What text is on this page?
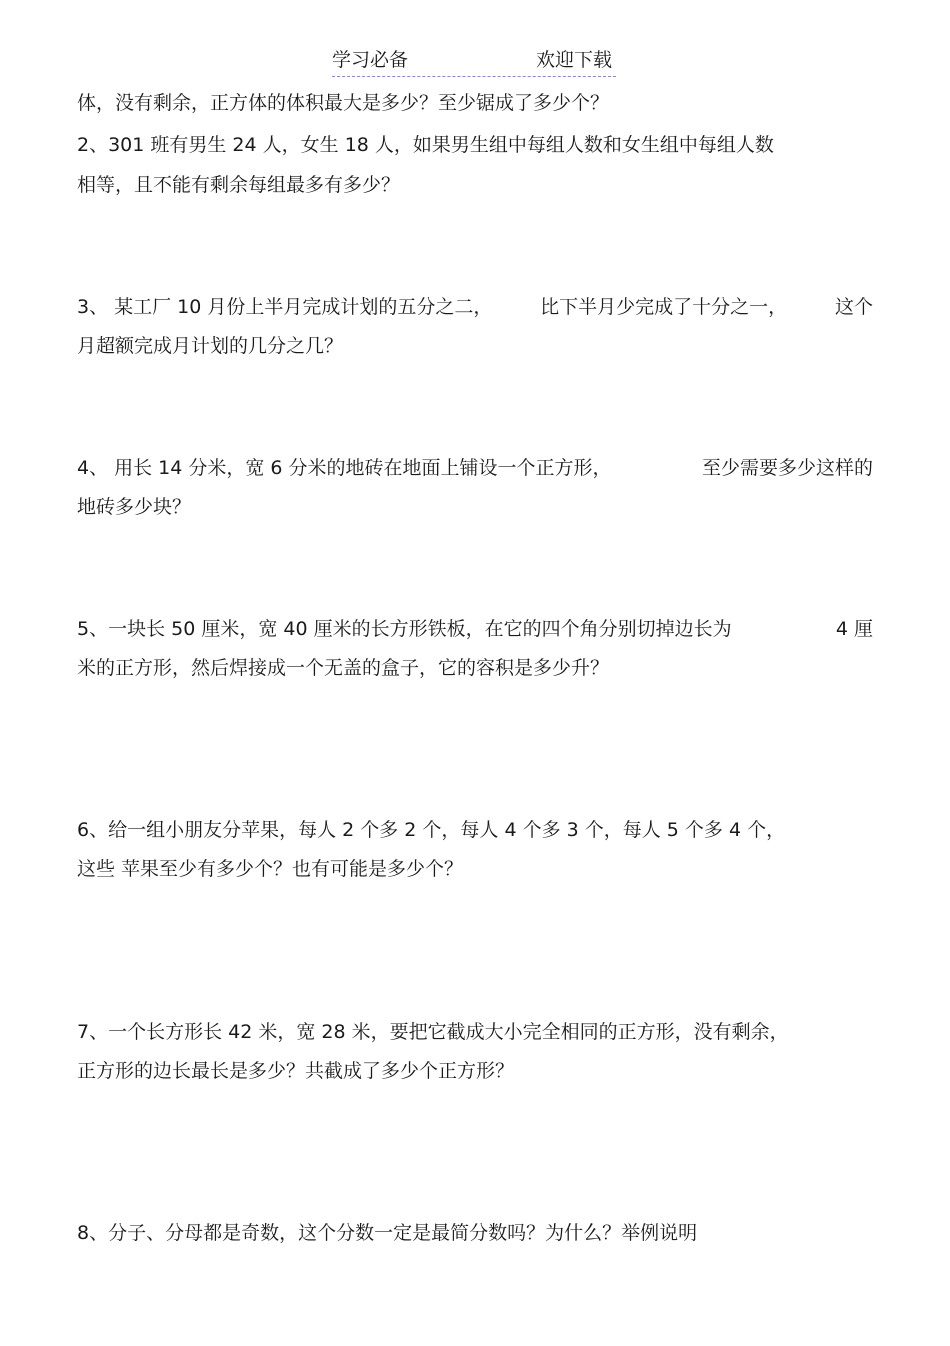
学习必备	欢迎下载
体，没有剩余，正方体的体积最大是多少？至少锯成了多少个？
2、301 班有男生 24 人，女生 18 人，如果男生组中每组人数和女生组中每组人数
相等，且不能有剩余每组最多有多少？
3、 某工厂 10 月份上半月完成计划的五分之二，	比下半月少完成了十分之一，	这个
月超额完成月计划的几分之几？
4、 用长 14 分米，宽 6 分米的地砖在地面上铺设一个正方形，	至少需要多少这样的
地砖多少块？
5、一块长 50 厘米，宽 40 厘米的长方形铁板，在它的四个角分别切掉边长为	4 厘
米的正方形，然后焊接成一个无盖的盒子，它的容积是多少升？
6、给一组小朋友分苹果，每人 2 个多 2 个，每人 4 个多 3 个，每人 5 个多 4 个，
这些 苹果至少有多少个？也有可能是多少个？
7、一个长方形长 42 米，宽 28 米，要把它截成大小完全相同的正方形，没有剩余，
正方形的边长最长是多少？共截成了多少个正方形？
8、分子、分母都是奇数，这个分数一定是最简分数吗？为什么？举例说明
